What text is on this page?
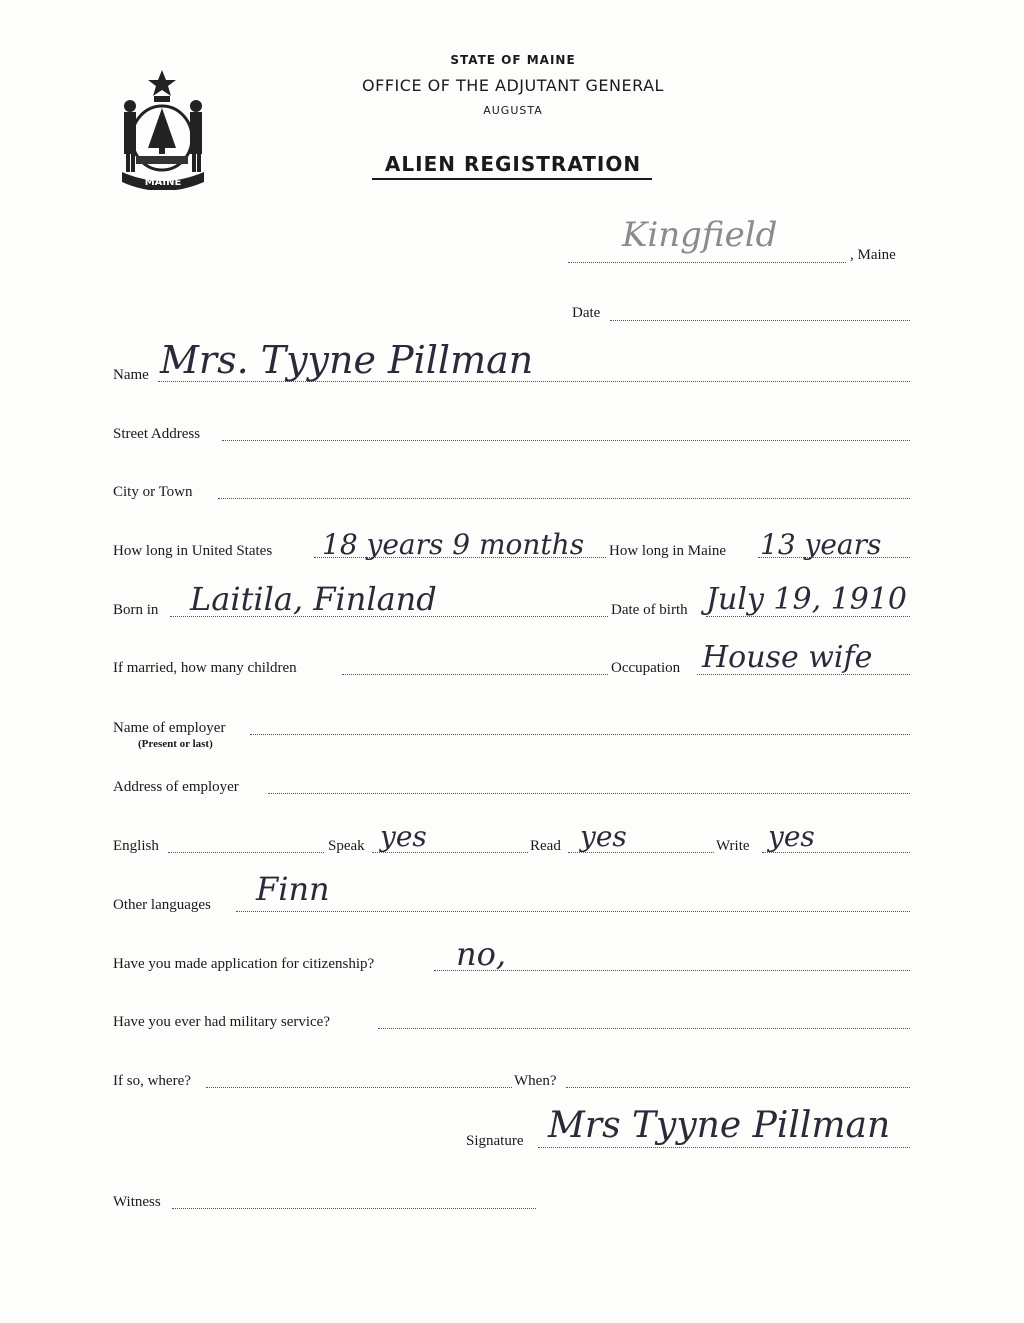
MAINE
STATE OF MAINE
OFFICE OF THE ADJUTANT GENERAL
AUGUSTA
ALIEN REGISTRATION
Kingfield	, Maine
Date
Name Mrs. Tyyne Pillman
Street Address
City or Town
How long in United States 18 years 9 months How long in Maine 13 years
Born in Laitila, Finland	Date of birth July 19, 1910
If married, how many children	Occupation House wife
Name of employer
(Present or last)
Address of employer
English	Speak yes	Read yes	Write yes
Other languages Finn
Have you made application for citizenship?	no,
Have you ever had military service?
If so, where?	When?
Signature Mrs Tyyne Pillman
Witness
